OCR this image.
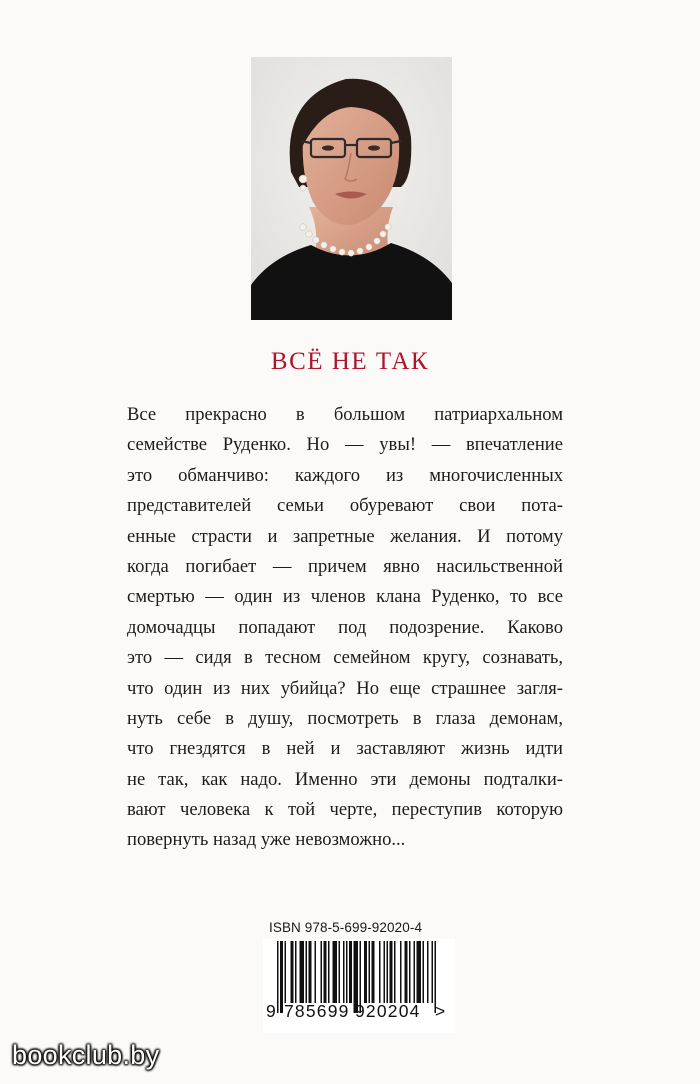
ВСЁ НЕ ТАК
Все прекрасно в большом патриархальном
семействе Руденко. Но — увы! — впечатление
это обманчиво: каждого из многочисленных
представителей семьи обуревают свои пота-
енные страсти и запретные желания. И потому
когда погибает — причем явно насильственной
смертью — один из членов клана Руденко, то все
домочадцы попадают под подозрение. Каково
это — сидя в тесном семейном кругу, сознавать,
что один из них убийца? Но еще страшнее загля-
нуть себе в душу, посмотреть в глаза демонам,
что гнездятся в ней и заставляют жизнь идти
не так, как надо. Именно эти демоны подталки-
вают человека к той черте, переступив которую
повернуть назад уже невозможно...
ISBN 978-5-699-92020-4
9 785699 920204 >
bookclub.by
